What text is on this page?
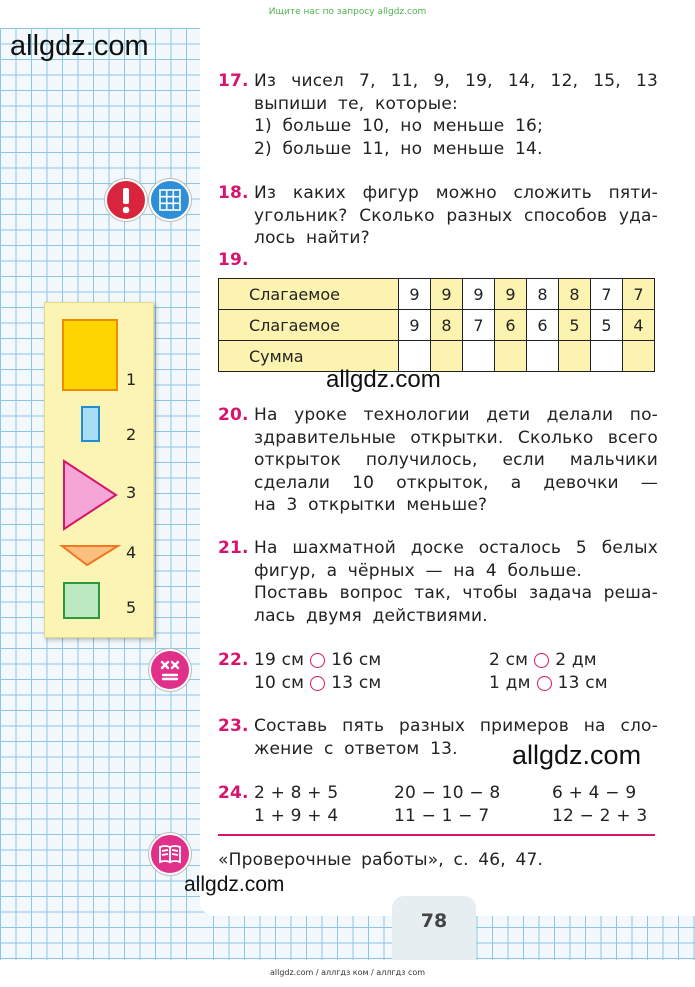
Ищите нас по запросу allgdz.com
allgdz.com
1
2
3
4
5
17. Из чисел 7, 11, 9, 19, 14, 12, 15, 13
выпиши те, которые:
1) больше 10, но меньше 16;
2) больше 11, но меньше 14.
18. Из каких фигур можно сложить пяти-
угольник? Сколько разных способов уда-
лось найти?
19.
Слагаемое	9	9	9	9	8	8	7	7
Слагаемое	9	8	7	6	6	5	5	4
Сумма								
allgdz.com
20. На уроке технологии дети делали по-
здравительные открытки. Сколько всего
открыток получилось, если мальчики
сделали 10 открыток, а девочки —
на 3 открытки меньше?
21. На шахматной доске осталось 5 белых
фигур, а чёрных — на 4 больше.
Поставь вопрос так, чтобы задача реша-
лась двумя действиями.
22. 19 см 16 см	2 см 2 дм
10 см 13 см	1 дм 13 см
23. Составь пять разных примеров на сло-
жение с ответом 13.	allgdz.com
24. 2 + 8 + 5	20 − 10 − 8	6 + 4 − 9
1 + 9 + 4	11 − 1 − 7	12 − 2 + 3
«Проверочные работы», с. 46, 47.
allgdz.com
78
allgdz.com / аллгдз ком / аллгдз com
